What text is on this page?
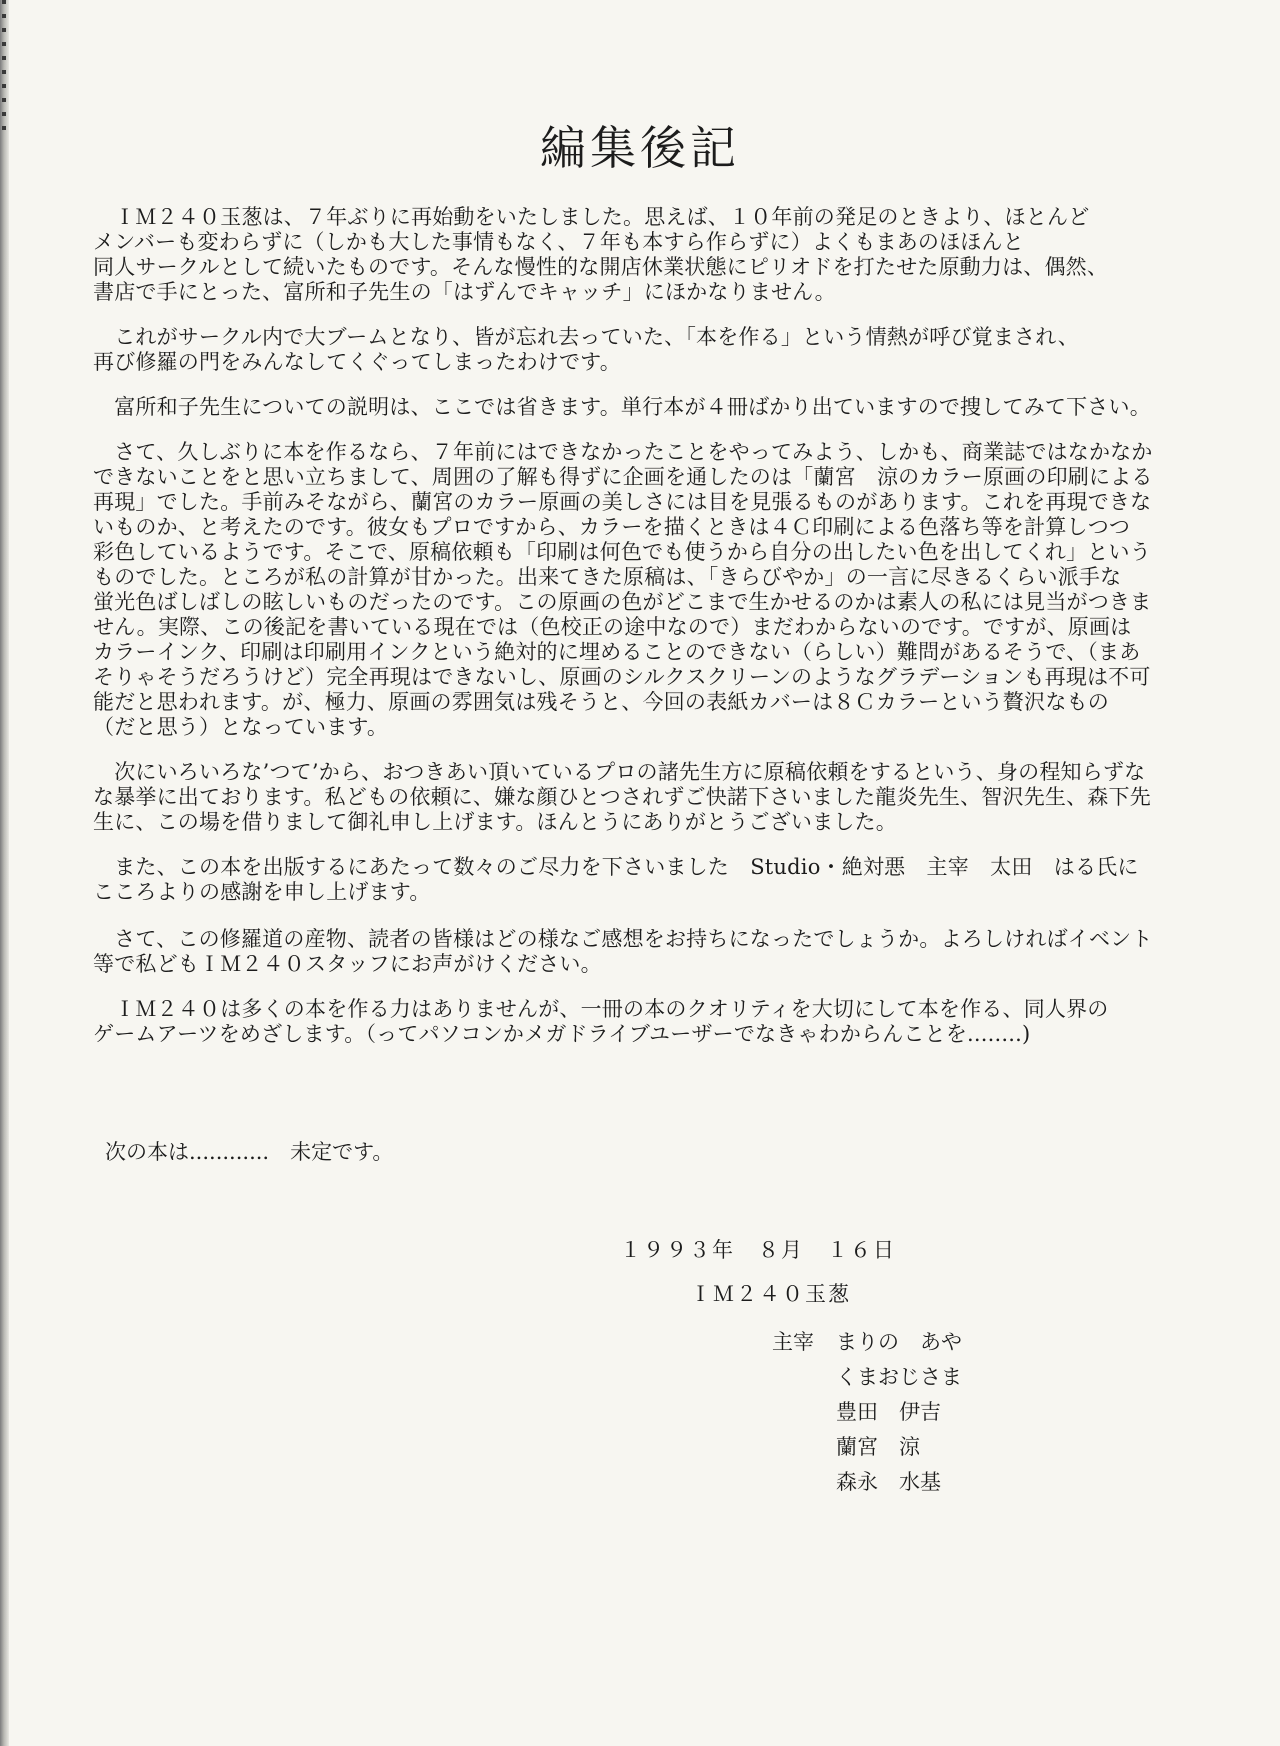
編集後記

　ＩＭ２４０玉葱は、７年ぶりに再始動をいたしました。思えば、１０年前の発足のときより、ほとんど

メンバーも変わらずに（しかも大した事情もなく、７年も本すら作らずに）よくもまあのほほんと

同人サークルとして続いたものです。そんな慢性的な開店休業状態にピリオドを打たせた原動力は、偶然、

書店で手にとった、富所和子先生の「はずんでキャッチ」にほかなりません。

　これがサークル内で大ブームとなり、皆が忘れ去っていた、「本を作る」という情熱が呼び覚まされ、

再び修羅の門をみんなしてくぐってしまったわけです。

　富所和子先生についての説明は、ここでは省きます。単行本が４冊ばかり出ていますので捜してみて下さい。

　さて、久しぶりに本を作るなら、７年前にはできなかったことをやってみよう、しかも、商業誌ではなかなか

できないことをと思い立ちまして、周囲の了解も得ずに企画を通したのは「蘭宮　涼のカラー原画の印刷による

再現」でした。手前みそながら、蘭宮のカラー原画の美しさには目を見張るものがあります。これを再現できな

いものか、と考えたのです。彼女もプロですから、カラーを描くときは４Ｃ印刷による色落ち等を計算しつつ

彩色しているようです。そこで、原稿依頼も「印刷は何色でも使うから自分の出したい色を出してくれ」という

ものでした。ところが私の計算が甘かった。出来てきた原稿は、「きらびやか」の一言に尽きるくらい派手な

蛍光色ばしばしの眩しいものだったのです。この原画の色がどこまで生かせるのかは素人の私には見当がつきま

せん。実際、この後記を書いている現在では（色校正の途中なので）まだわからないのです。ですが、原画は

カラーインク、印刷は印刷用インクという絶対的に埋めることのできない（らしい）難問があるそうで、（まあ

そりゃそうだろうけど）完全再現はできないし、原画のシルクスクリーンのようなグラデーションも再現は不可

能だと思われます。が、極力、原画の雰囲気は残そうと、今回の表紙カバーは８Ｃカラーという贅沢なもの

（だと思う）となっています。

　次にいろいろな’つて’から、おつきあい頂いているプロの諸先生方に原稿依頼をするという、身の程知らずな

な暴挙に出ております。私どもの依頼に、嫌な顔ひとつされずご快諾下さいました龍炎先生、智沢先生、森下先

生に、この場を借りまして御礼申し上げます。ほんとうにありがとうございました。

　また、この本を出版するにあたって数々のご尽力を下さいました　Studio・絶対悪　主宰　太田　はる氏に

こころよりの感謝を申し上げます。

　さて、この修羅道の産物、読者の皆様はどの様なご感想をお持ちになったでしょうか。よろしければイベント

等で私どもＩＭ２４０スタッフにお声がけください。

　ＩＭ２４０は多くの本を作る力はありませんが、一冊の本のクオリティを大切にして本を作る、同人界の

ゲームアーツをめざします。（ってパソコンかメガドライブユーザーでなきゃわからんことを........)

次の本は............　未定です。
１９９３年　８月　１６日
ＩＭ２４０玉葱
主宰 まりの　あや
くまおじさま
豊田　伊吉
蘭宮　涼
森永　水基
